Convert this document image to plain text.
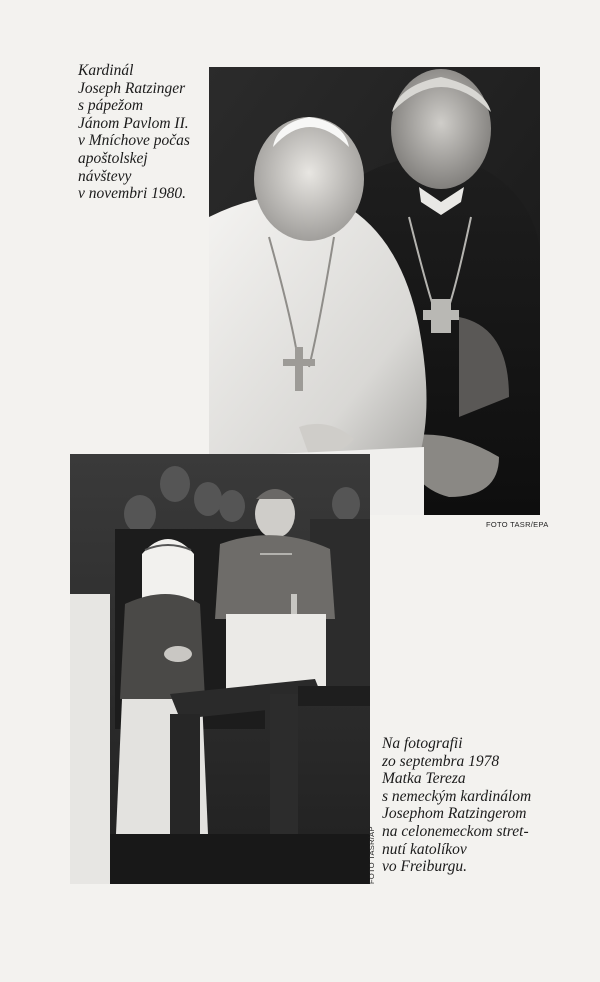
Kardinál
Joseph Ratzinger
s pápežom
Jánom Pavlom II.
v Mníchove počas
apoštolskej
návštevy
v novembri 1980.
FOTO TASR/EPA
FOTO TASR/AP
Na fotografii
zo septembra 1978
Matka Tereza
s nemeckým kardinálom
Josephom Ratzingerom
na celonemeckom stret-
nutí katolíkov
vo Freiburgu.
